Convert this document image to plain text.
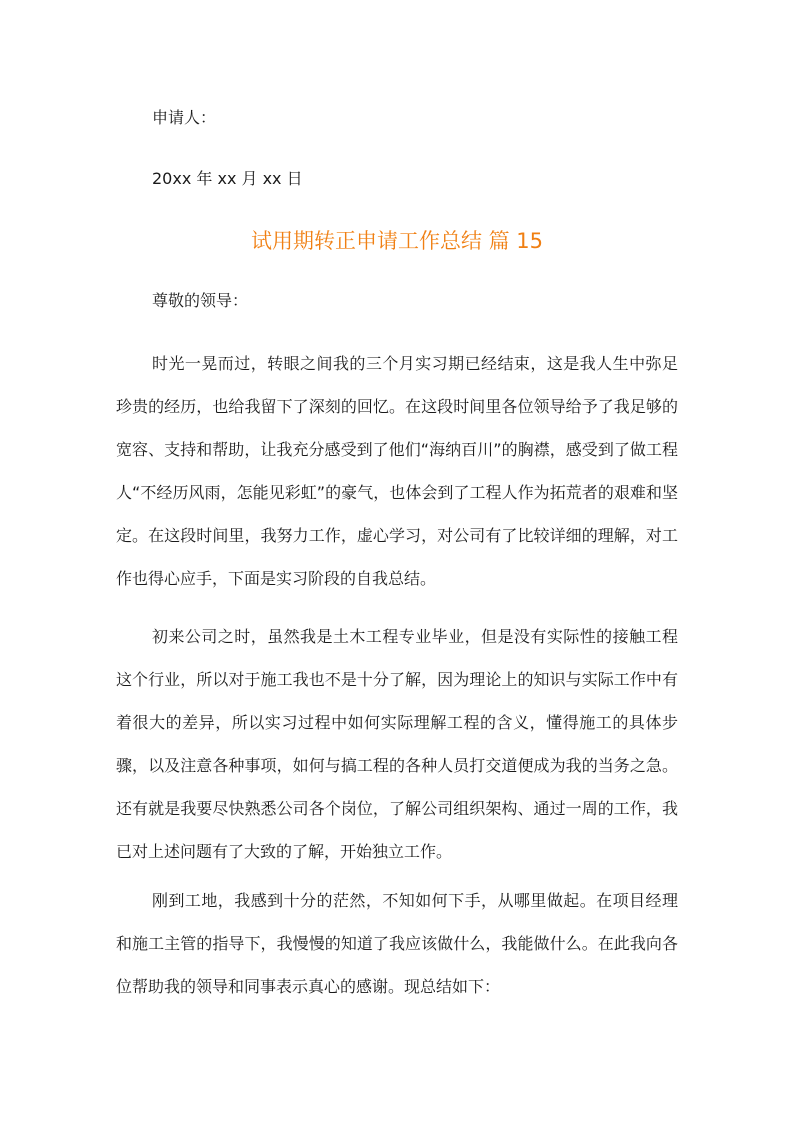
申请人：
20xx 年 xx 月 xx 日
试用期转正申请工作总结 篇 15
尊敬的领导：

时光一晃而过，转眼之间我的三个月实习期已经结束，这是我人生中弥足珍贵的经历，也给我留下了深刻的回忆。在这段时间里各位领导给予了我足够的宽容、支持和帮助，让我充分感受到了他们“海纳百川”的胸襟，感受到了做工程人“不经历风雨，怎能见彩虹”的豪气，也体会到了工程人作为拓荒者的艰难和坚定。在这段时间里，我努力工作，虚心学习，对公司有了比较详细的理解，对工作也得心应手，下面是实习阶段的自我总结。

初来公司之时，虽然我是土木工程专业毕业，但是没有实际性的接触工程这个行业，所以对于施工我也不是十分了解，因为理论上的知识与实际工作中有着很大的差异，所以实习过程中如何实际理解工程的含义，懂得施工的具体步骤，以及注意各种事项，如何与搞工程的各种人员打交道便成为我的当务之急。还有就是我要尽快熟悉公司各个岗位，了解公司组织架构、通过一周的工作，我已对上述问题有了大致的了解，开始独立工作。

刚到工地，我感到十分的茫然，不知如何下手，从哪里做起。在项目经理和施工主管的指导下，我慢慢的知道了我应该做什么，我能做什么。在此我向各位帮助我的领导和同事表示真心的感谢。现总结如下：
